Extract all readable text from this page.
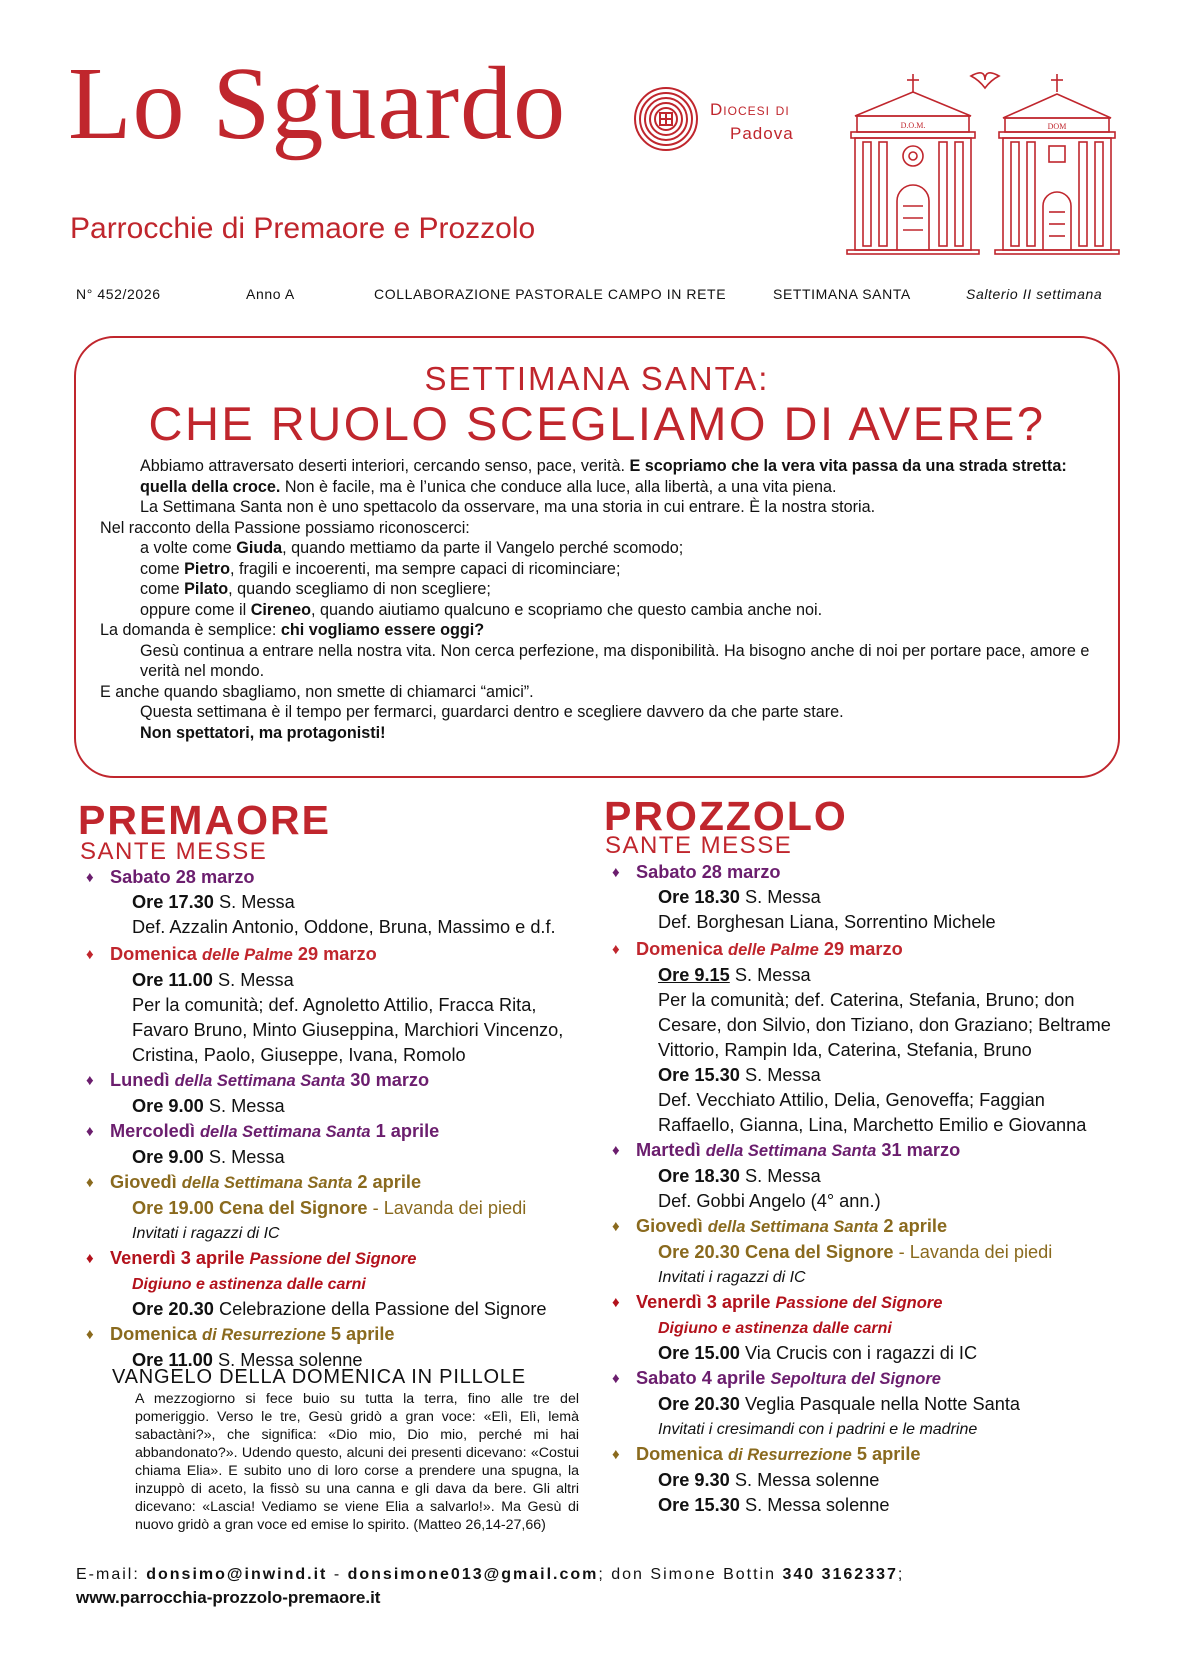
Lo Sguardo	Diocesi di
Padova
Parrocchie di Premaore e Prozzolo
D.O.M.	DOM
N° 452/2026	Anno A	COLLABORAZIONE PASTORALE CAMPO IN RETE	SETTIMANA SANTA	Salterio II settimana
SETTIMANA SANTA:
CHE RUOLO SCEGLIAMO DI AVERE?

Abbiamo attraversato deserti interiori, cercando senso, pace, verità. E scopriamo che la vera vita passa da una strada stretta: quella della croce. Non è facile, ma è l’unica che conduce alla luce, alla libertà, a una vita piena.

La Settimana Santa non è uno spettacolo da osservare, ma una storia in cui entrare. È la nostra storia.

Nel racconto della Passione possiamo riconoscerci:

a volte come Giuda, quando mettiamo da parte il Vangelo perché scomodo;

come Pietro, fragili e incoerenti, ma sempre capaci di ricominciare;

come Pilato, quando scegliamo di non scegliere;

oppure come il Cireneo, quando aiutiamo qualcuno e scopriamo che questo cambia anche noi.

La domanda è semplice: chi vogliamo essere oggi?

Gesù continua a entrare nella nostra vita. Non cerca perfezione, ma disponibilità. Ha bisogno anche di noi per portare pace, amore e verità nel mondo.

E anche quando sbagliamo, non smette di chiamarci “amici”.

Questa settimana è il tempo per fermarci, guardarci dentro e scegliere davvero da che parte stare.

Non spettatori, ma protagonisti!

PREMAORE
SANTE MESSE
♦ Sabato 28 marzo
Ore 17.30 S. Messa
Def. Azzalin Antonio, Oddone, Bruna, Massimo e d.f.
♦ Domenica delle Palme 29 marzo
Ore 11.00 S. Messa
Per la comunità; def. Agnoletto Attilio, Fracca Rita, Favaro Bruno, Minto Giuseppina, Marchiori Vincenzo, Cristina, Paolo, Giuseppe, Ivana, Romolo
♦ Lunedì della Settimana Santa 30 marzo
Ore 9.00 S. Messa
♦ Mercoledì della Settimana Santa 1 aprile
Ore 9.00 S. Messa
♦ Giovedì della Settimana Santa 2 aprile
Ore 19.00 Cena del Signore - Lavanda dei piedi
Invitati i ragazzi di IC
♦ Venerdì 3 aprile Passione del Signore
Digiuno e astinenza dalle carni
Ore 20.30 Celebrazione della Passione del Signore
♦ Domenica di Resurrezione 5 aprile
Ore 11.00 S. Messa solenne
VANGELO DELLA DOMENICA IN PILLOLE
A mezzogiorno si fece buio su tutta la terra, fino alle tre del pomeriggio. Verso le tre, Gesù gridò a gran voce: «Elì, Elì, lemà sabactàni?», che significa: «Dio mio, Dio mio, perché mi hai abbandonato?». Udendo questo, alcuni dei presenti dicevano: «Costui chiama Elia». E subito uno di loro corse a prendere una spugna, la inzuppò di aceto, la fissò su una canna e gli dava da bere. Gli altri dicevano: «Lascia! Vediamo se viene Elia a salvarlo!». Ma Gesù di nuovo gridò a gran voce ed emise lo spirito. (Matteo 26,14-27,66)
PROZZOLO
SANTE MESSE
♦ Sabato 28 marzo
Ore 18.30 S. Messa
Def. Borghesan Liana, Sorrentino Michele
♦ Domenica delle Palme 29 marzo
Ore 9.15 S. Messa
Per la comunità; def. Caterina, Stefania, Bruno; don Cesare, don Silvio, don Tiziano, don Graziano; Beltrame Vittorio, Rampin Ida, Caterina, Stefania, Bruno
Ore 15.30 S. Messa
Def. Vecchiato Attilio, Delia, Genoveffa; Faggian Raffaello, Gianna, Lina, Marchetto Emilio e Giovanna
♦ Martedì della Settimana Santa 31 marzo
Ore 18.30 S. Messa
Def. Gobbi Angelo (4° ann.)
♦ Giovedì della Settimana Santa 2 aprile
Ore 20.30 Cena del Signore - Lavanda dei piedi
Invitati i ragazzi di IC
♦ Venerdì 3 aprile Passione del Signore
Digiuno e astinenza dalle carni
Ore 15.00 Via Crucis con i ragazzi di IC
♦ Sabato 4 aprile Sepoltura del Signore
Ore 20.30 Veglia Pasquale nella Notte Santa
Invitati i cresimandi con i padrini e le madrine
♦ Domenica di Resurrezione 5 aprile
Ore 9.30 S. Messa solenne
Ore 15.30 S. Messa solenne
E-mail: donsimo@inwind.it - donsimone013@gmail.com; don Simone Bottin 340 3162337;
www.parrocchia-prozzolo-premaore.it
